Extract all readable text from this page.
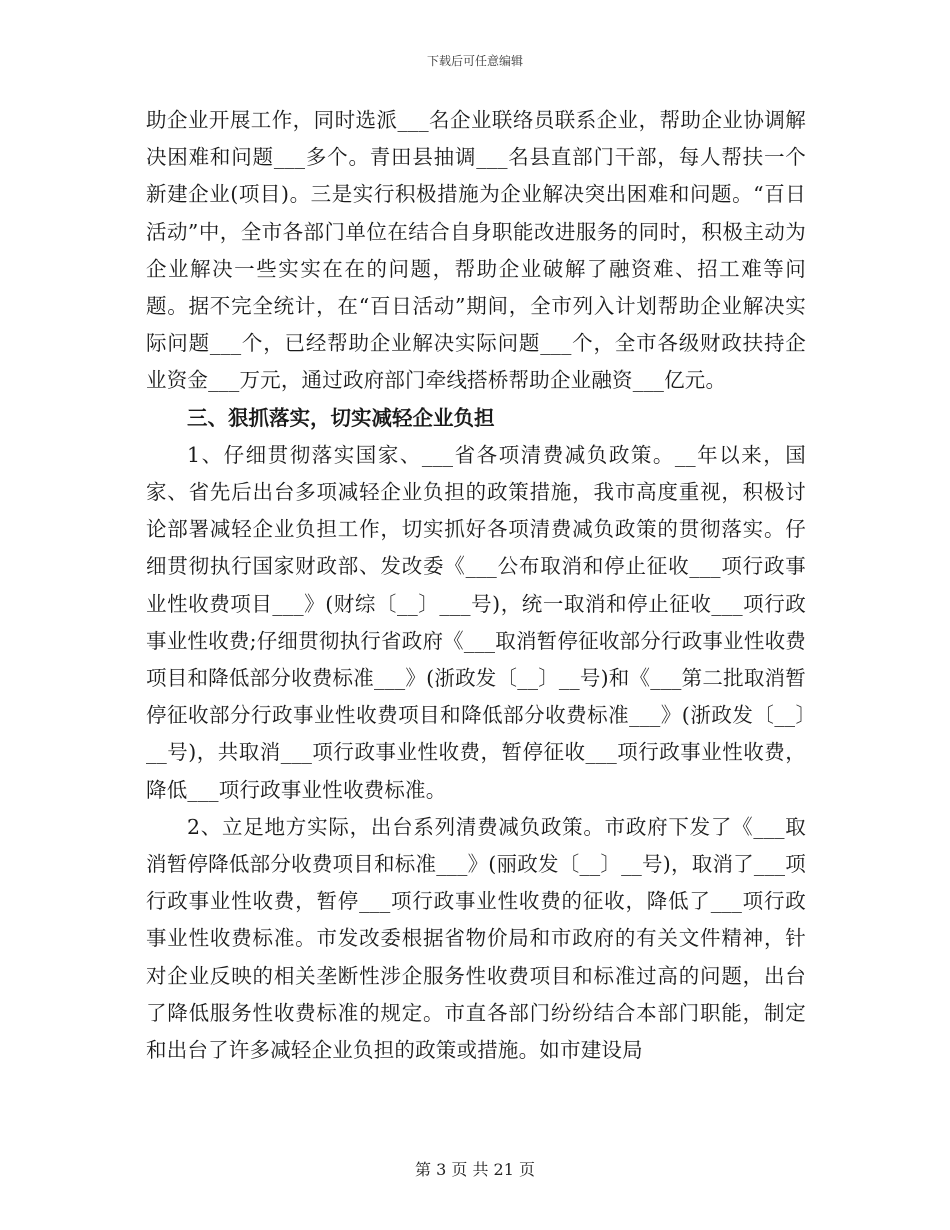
下载后可任意编辑

助企业开展工作，同时选派___名企业联络员联系企业，帮助企业协调解决困难和问题___多个。青田县抽调___名县直部门干部，每人帮扶一个新建企业(项目)。三是实行积极措施为企业解决突出困难和问题。“百日活动”中，全市各部门单位在结合自身职能改进服务的同时，积极主动为企业解决一些实实在在的问题，帮助企业破解了融资难、招工难等问题。据不完全统计，在“百日活动”期间，全市列入计划帮助企业解决实际问题___个，已经帮助企业解决实际问题___个，全市各级财政扶持企业资金___万元，通过政府部门牵线搭桥帮助企业融资___亿元。

三、狠抓落实，切实减轻企业负担

1、仔细贯彻落实国家、___省各项清费减负政策。__年以来，国家、省先后出台多项减轻企业负担的政策措施，我市高度重视，积极讨论部署减轻企业负担工作，切实抓好各项清费减负政策的贯彻落实。仔细贯彻执行国家财政部、发改委《___公布取消和停止征收___项行政事业性收费项目___》(财综〔__〕___号)，统一取消和停止征收___项行政事业性收费;仔细贯彻执行省政府《___取消暂停征收部分行政事业性收费项目和降低部分收费标准___》(浙政发〔__〕__号)和《___第二批取消暂停征收部分行政事业性收费项目和降低部分收费标准___》(浙政发〔__〕__号)，共取消___项行政事业性收费，暂停征收___项行政事业性收费，降低___项行政事业性收费标准。

2、立足地方实际，出台系列清费减负政策。市政府下发了《___取消暂停降低部分收费项目和标准___》(丽政发〔__〕__号)，取消了___项行政事业性收费，暂停___项行政事业性收费的征收，降低了___项行政事业性收费标准。市发改委根据省物价局和市政府的有关文件精神，针对企业反映的相关垄断性涉企服务性收费项目和标准过高的问题，出台了降低服务性收费标准的规定。市直各部门纷纷结合本部门职能，制定和出台了许多减轻企业负担的政策或措施。如市建设局

第 3 页 共 21 页
